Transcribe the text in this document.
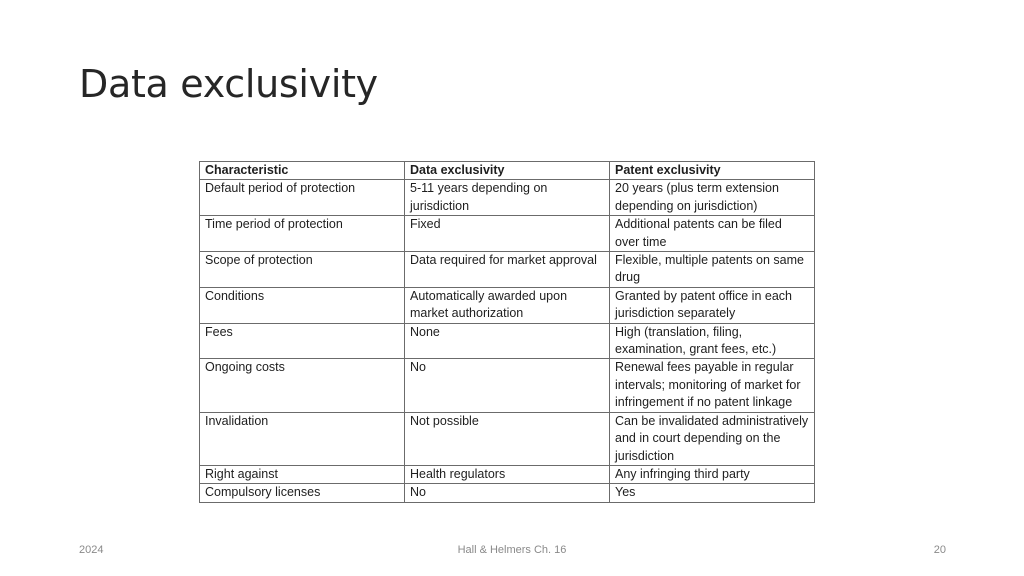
Data exclusivity
Characteristic	Data exclusivity	Patent exclusivity
Default period of protection	5-11 years depending on jurisdiction	20 years (plus term extension depending on jurisdiction)
Time period of protection	Fixed	Additional patents can be filed over time
Scope of protection	Data required for market approval	Flexible, multiple patents on same drug
Conditions	Automatically awarded upon market authorization	Granted by patent office in each jurisdiction separately
Fees	None	High (translation, filing, examination, grant fees, etc.)
Ongoing costs	No	Renewal fees payable in regular intervals; monitoring of market for infringement if no patent linkage
Invalidation	Not possible	Can be invalidated administratively and in court depending on the jurisdiction
Right against	Health regulators	Any infringing third party
Compulsory licenses	No	Yes
2024	Hall & Helmers Ch. 16	20
